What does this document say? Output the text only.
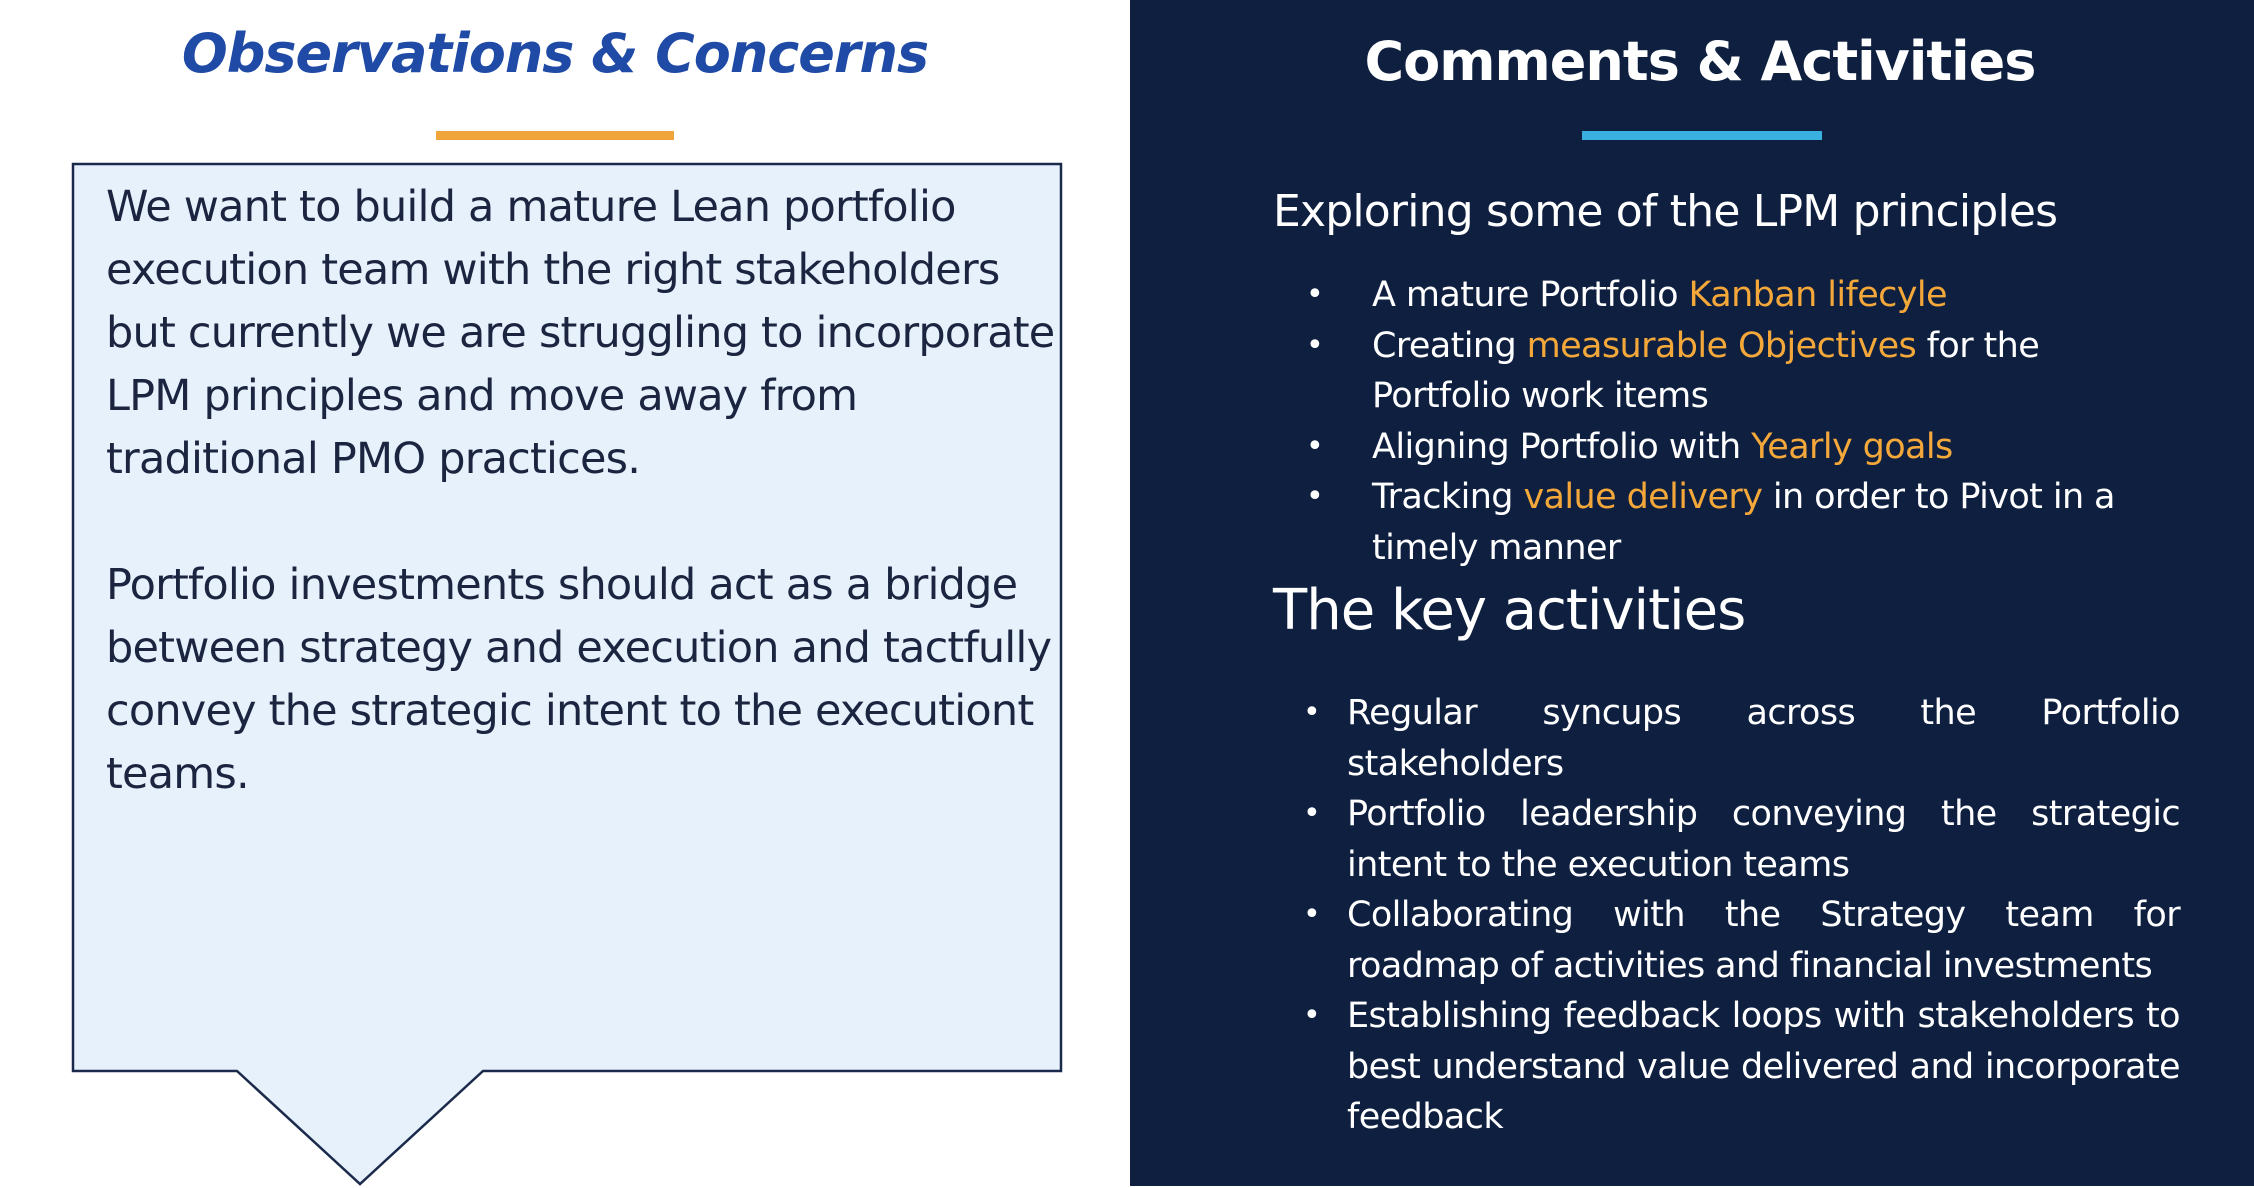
Observations & Concerns

We want to build a mature Lean portfolio execution team with the right stakeholders but currently we are struggling to incorporate LPM principles and move away from traditional PMO practices.

Portfolio investments should act as a bridge between strategy and execution and tactfully convey the strategic intent to the executiont teams.

Comments & Activities
Exploring some of the LPM principles
• A mature Portfolio Kanban lifecyle
• Creating measurable Objectives for the Portfolio work items
• Aligning Portfolio with Yearly goals
• Tracking value delivery in order to Pivot in a timely manner
The key activities
• Regular syncups across the Portfolio stakeholders
• Portfolio leadership conveying the strategic intent to the execution teams
• Collaborating with the Strategy team for roadmap of activities and financial investments
• Establishing feedback loops with stakeholders to best understand value delivered and incorporate feedback
